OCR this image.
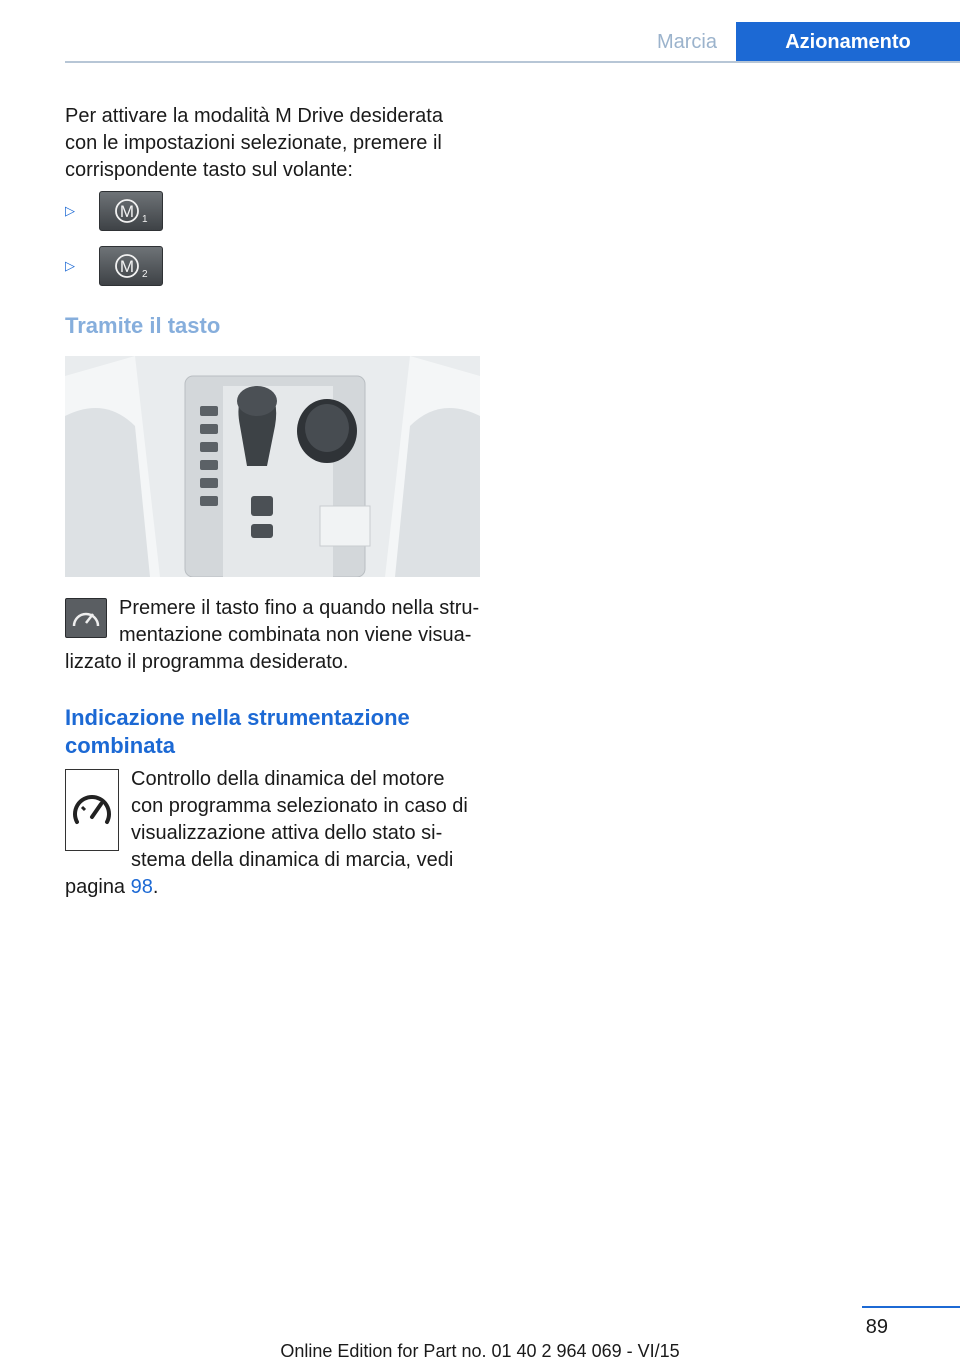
Marcia	Azionamento

Per attivare la modalità M Drive desiderata con le impostazioni selezionate, premere il corrispondente tasto sul volante:

▷	M 1
▷	M 2
Tramite il tasto

Premere il tasto fino a quando nella strumentazione combinata non viene visualizzato il programma desiderato.

Indicazione nella strumentazione combinata

Controllo della dinamica del motore con programma selezionato in caso di visualizzazione attiva dello stato sistema della dinamica di marcia, vedi pagina 98.

89
Online Edition for Part no. 01 40 2 964 069 - VI/15
